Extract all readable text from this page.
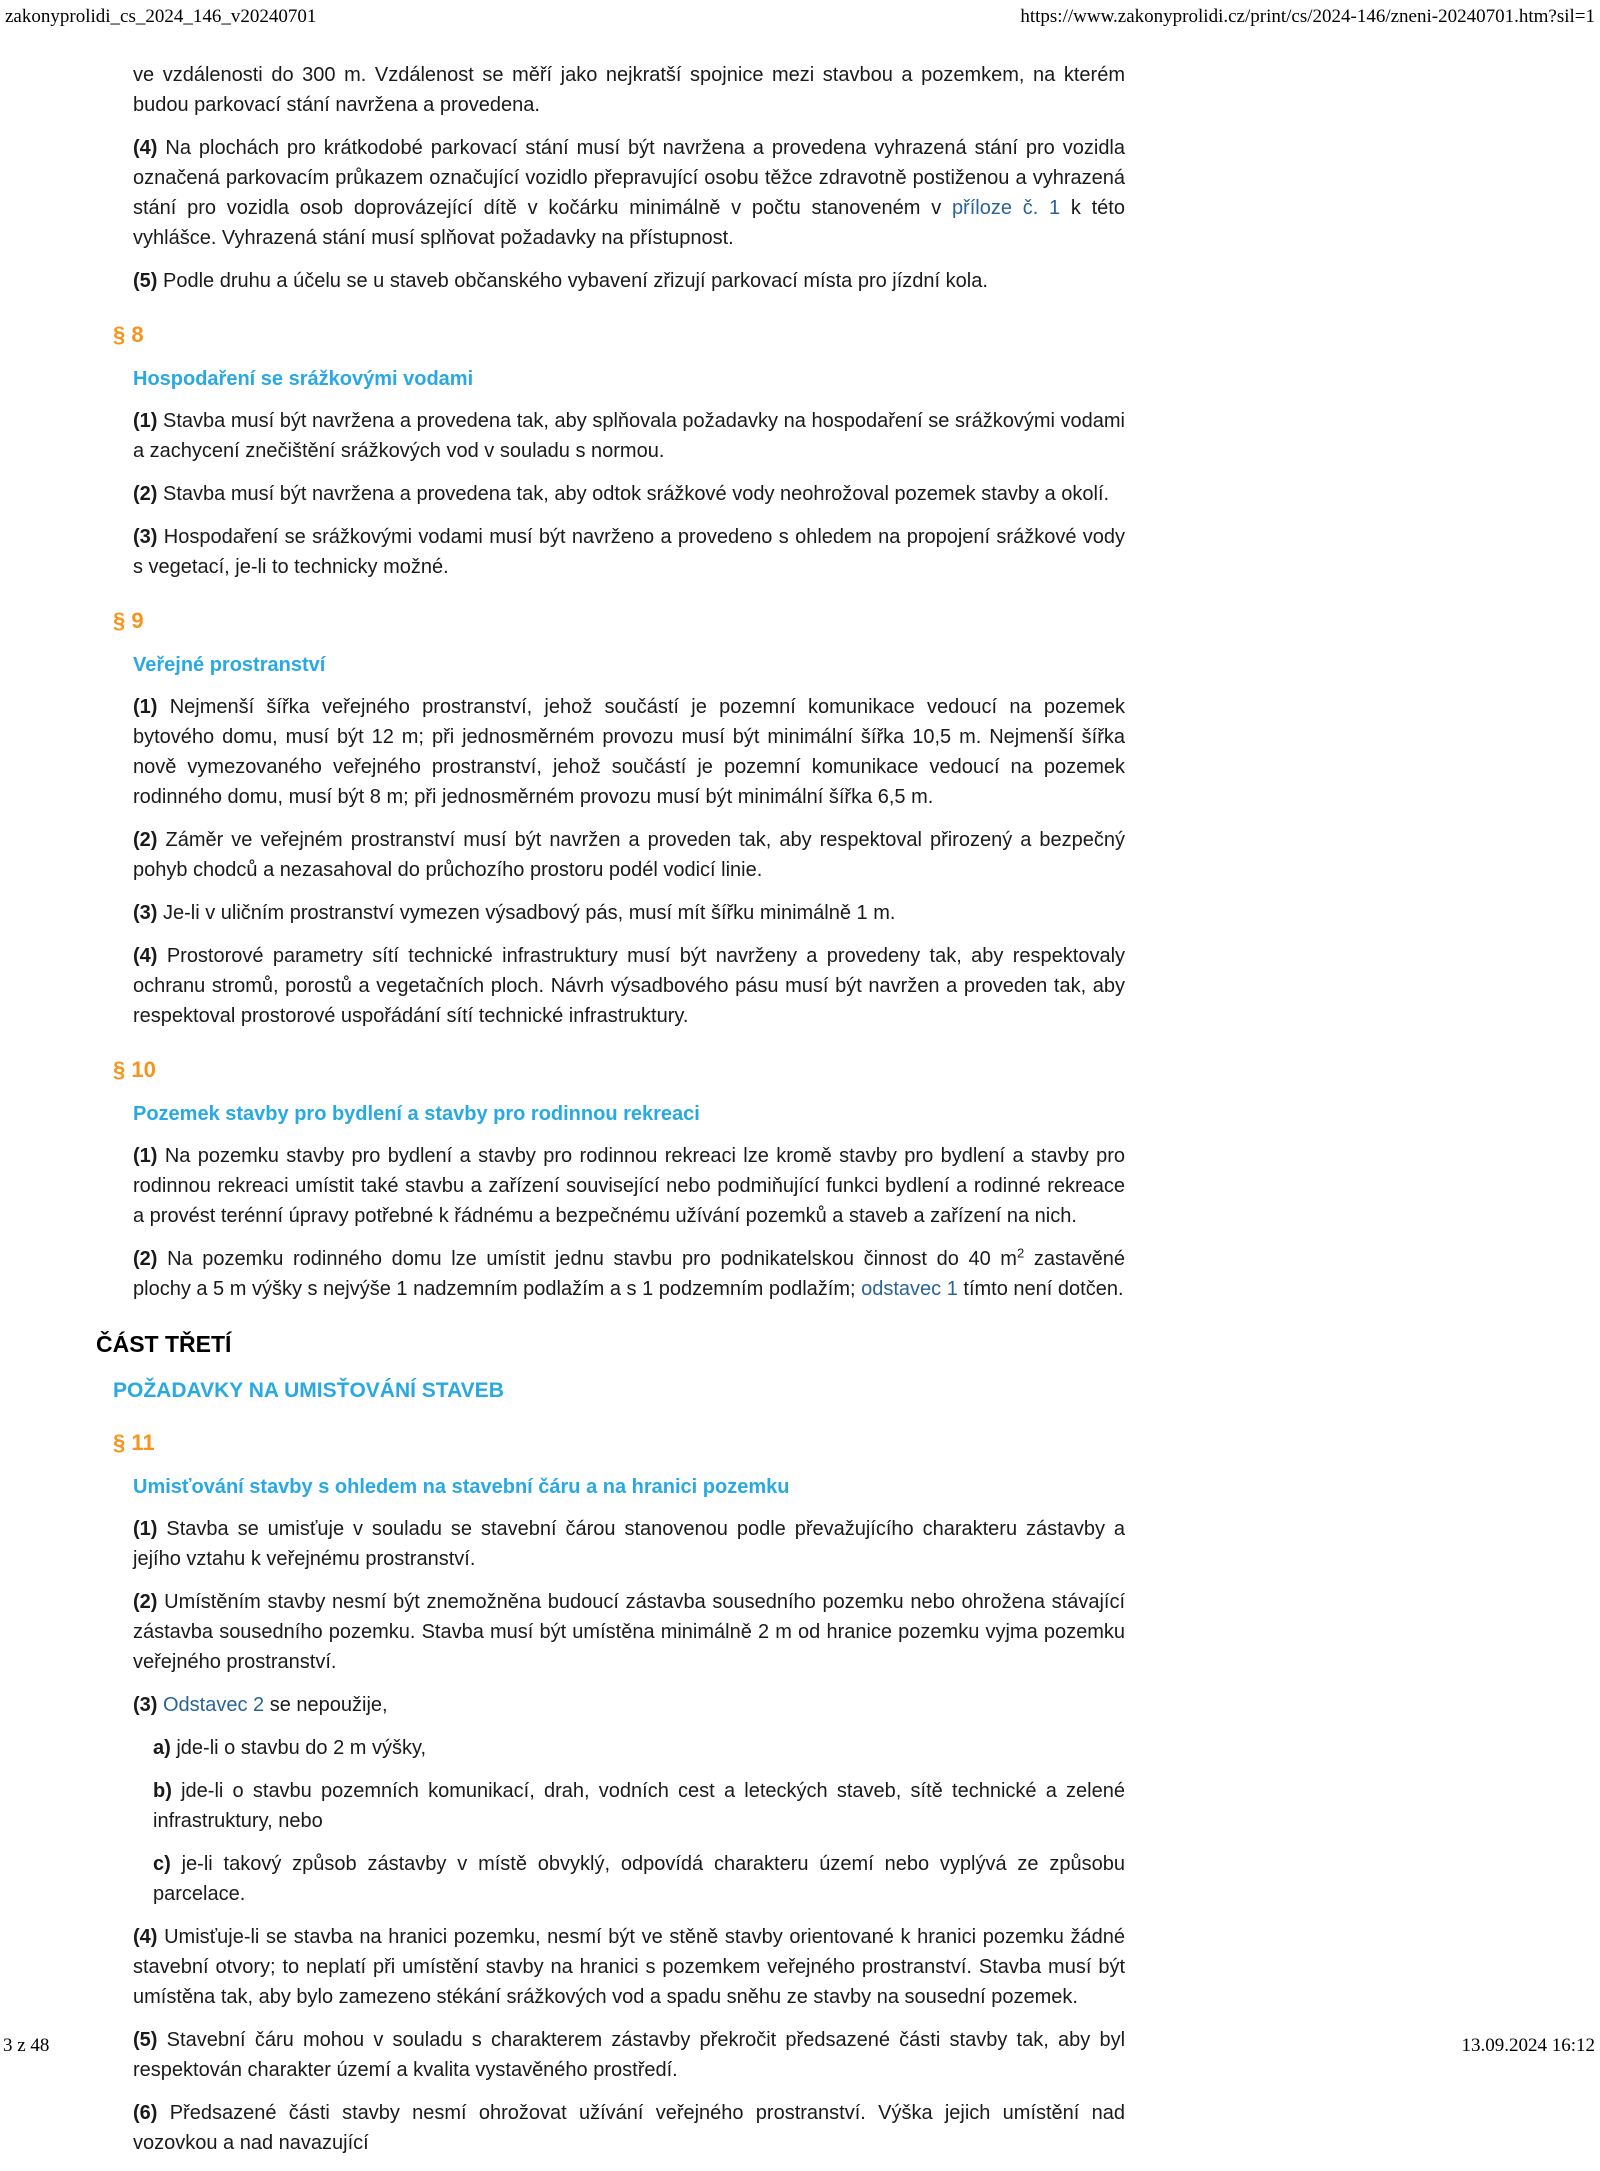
zakonyprolidi_cs_2024_146_v20240701	https://www.zakonyprolidi.cz/print/cs/2024-146/zneni-20240701.htm?sil=1

ve vzdálenosti do 300 m. Vzdálenost se měří jako nejkratší spojnice mezi stavbou a pozemkem, na kterém budou parkovací stání navržena a provedena.

(4) Na plochách pro krátkodobé parkovací stání musí být navržena a provedena vyhrazená stání pro vozidla označená parkovacím průkazem označující vozidlo přepravující osobu těžce zdravotně postiženou a vyhrazená stání pro vozidla osob doprovázející dítě v kočárku minimálně v počtu stanoveném v příloze č. 1 k této vyhlášce. Vyhrazená stání musí splňovat požadavky na přístupnost.

(5) Podle druhu a účelu se u staveb občanského vybavení zřizují parkovací místa pro jízdní kola.

§ 8
Hospodaření se srážkovými vodami

(1) Stavba musí být navržena a provedena tak, aby splňovala požadavky na hospodaření se srážkovými vodami a zachycení znečištění srážkových vod v souladu s normou.

(2) Stavba musí být navržena a provedena tak, aby odtok srážkové vody neohrožoval pozemek stavby a okolí.

(3) Hospodaření se srážkovými vodami musí být navrženo a provedeno s ohledem na propojení srážkové vody s vegetací, je-li to technicky možné.

§ 9
Veřejné prostranství

(1) Nejmenší šířka veřejného prostranství, jehož součástí je pozemní komunikace vedoucí na pozemek bytového domu, musí být 12 m; při jednosměrném provozu musí být minimální šířka 10,5 m. Nejmenší šířka nově vymezovaného veřejného prostranství, jehož součástí je pozemní komunikace vedoucí na pozemek rodinného domu, musí být 8 m; při jednosměrném provozu musí být minimální šířka 6,5 m.

(2) Záměr ve veřejném prostranství musí být navržen a proveden tak, aby respektoval přirozený a bezpečný pohyb chodců a nezasahoval do průchozího prostoru podél vodicí linie.

(3) Je-li v uličním prostranství vymezen výsadbový pás, musí mít šířku minimálně 1 m.

(4) Prostorové parametry sítí technické infrastruktury musí být navrženy a provedeny tak, aby respektovaly ochranu stromů, porostů a vegetačních ploch. Návrh výsadbového pásu musí být navržen a proveden tak, aby respektoval prostorové uspořádání sítí technické infrastruktury.

§ 10
Pozemek stavby pro bydlení a stavby pro rodinnou rekreaci

(1) Na pozemku stavby pro bydlení a stavby pro rodinnou rekreaci lze kromě stavby pro bydlení a stavby pro rodinnou rekreaci umístit také stavbu a zařízení související nebo podmiňující funkci bydlení a rodinné rekreace a provést terénní úpravy potřebné k řádnému a bezpečnému užívání pozemků a staveb a zařízení na nich.

(2) Na pozemku rodinného domu lze umístit jednu stavbu pro podnikatelskou činnost do 40 $m^2$ zastavěné plochy a 5 m výšky s nejvýše 1 nadzemním podlažím a s 1 podzemním podlažím; odstavec 1 tímto není dotčen.

ČÁST TŘETÍ
POŽADAVKY NA UMISŤOVÁNÍ STAVEB
§ 11
Umisťování stavby s ohledem na stavební čáru a na hranici pozemku

(1) Stavba se umisťuje v souladu se stavební čárou stanovenou podle převažujícího charakteru zástavby a jejího vztahu k veřejnému prostranství.

(2) Umístěním stavby nesmí být znemožněna budoucí zástavba sousedního pozemku nebo ohrožena stávající zástavba sousedního pozemku. Stavba musí být umístěna minimálně 2 m od hranice pozemku vyjma pozemku veřejného prostranství.

(3) Odstavec 2 se nepoužije,

a) jde-li o stavbu do 2 m výšky,

b) jde-li o stavbu pozemních komunikací, drah, vodních cest a leteckých staveb, sítě technické a zelené infrastruktury, nebo

c) je-li takový způsob zástavby v místě obvyklý, odpovídá charakteru území nebo vyplývá ze způsobu parcelace.

(4) Umisťuje-li se stavba na hranici pozemku, nesmí být ve stěně stavby orientované k hranici pozemku žádné stavební otvory; to neplatí při umístění stavby na hranici s pozemkem veřejného prostranství. Stavba musí být umístěna tak, aby bylo zamezeno stékání srážkových vod a spadu sněhu ze stavby na sousední pozemek.

(5) Stavební čáru mohou v souladu s charakterem zástavby překročit předsazené části stavby tak, aby byl respektován charakter území a kvalita vystavěného prostředí.

(6) Předsazené části stavby nesmí ohrožovat užívání veřejného prostranství. Výška jejich umístění nad vozovkou a nad navazující

3 z 48	13.09.2024 16:12
